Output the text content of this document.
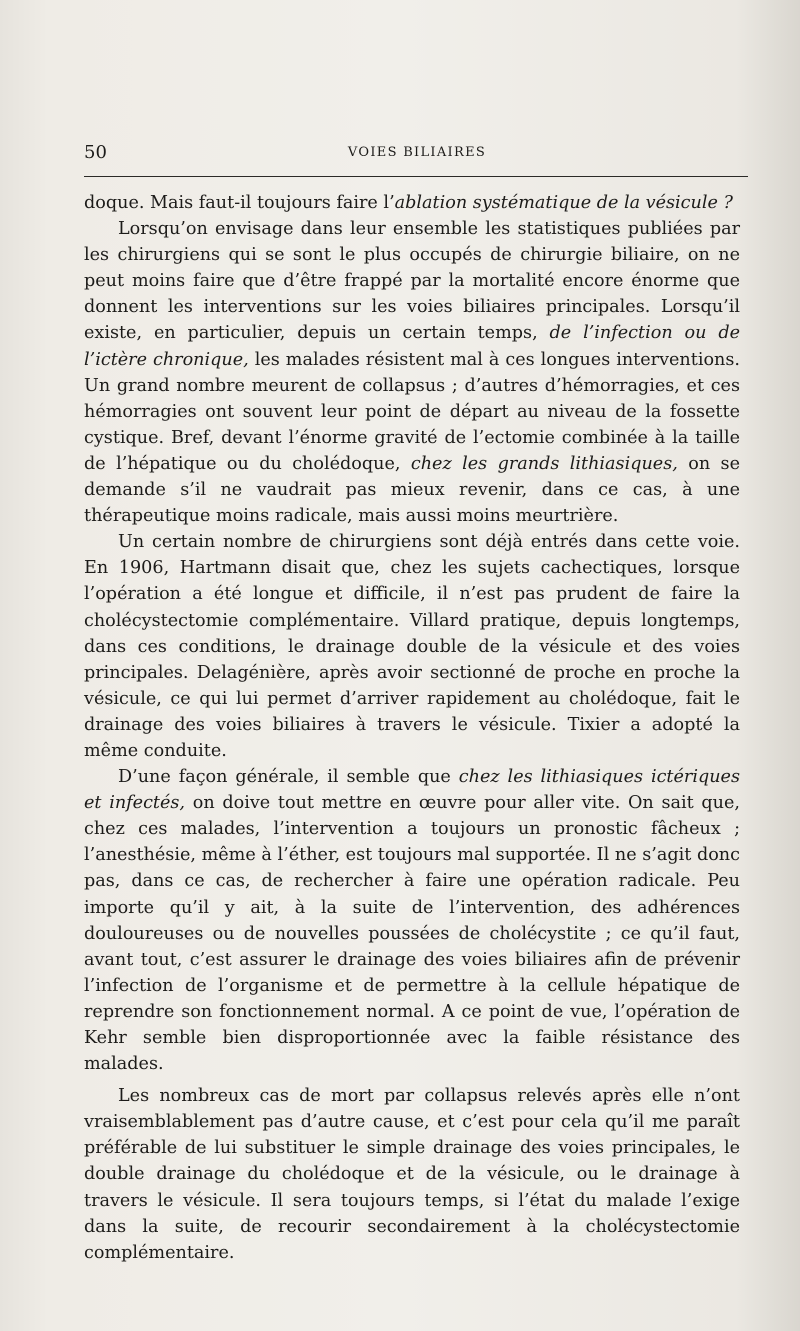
50	VOIES BILIAIRES

doque. Mais faut-il toujours faire l’ablation systématique de la vésicule ?

Lorsqu’on envisage dans leur ensemble les statistiques publiées par les chirurgiens qui se sont le plus occupés de chirurgie biliaire, on ne peut moins faire que d’être frappé par la mortalité encore énorme que donnent les interventions sur les voies biliaires principales. Lorsqu’il existe, en particulier, depuis un certain temps, de l’infection ou de l’ictère chronique, les malades résistent mal à ces longues interventions. Un grand nombre meurent de collapsus ; d’autres d’hémorragies, et ces hémorragies ont souvent leur point de départ au niveau de la fossette cystique. Bref, devant l’énorme gravité de l’ectomie combinée à la taille de l’hépatique ou du cholédoque, chez les grands lithiasiques, on se demande s’il ne vaudrait pas mieux revenir, dans ce cas, à une thérapeutique moins radicale, mais aussi moins meurtrière.

Un certain nombre de chirurgiens sont déjà entrés dans cette voie. En 1906, Hartmann disait que, chez les sujets cachectiques, lorsque l’opération a été longue et difficile, il n’est pas prudent de faire la cholécystectomie complémentaire. Villard pratique, depuis longtemps, dans ces conditions, le drainage double de la vésicule et des voies principales. Delagénière, après avoir sectionné de proche en proche la vésicule, ce qui lui permet d’arriver rapidement au cholédoque, fait le drainage des voies biliaires à travers le vésicule. Tixier a adopté la même conduite.

D’une façon générale, il semble que chez les lithiasiques ictériques et infectés, on doive tout mettre en œuvre pour aller vite. On sait que, chez ces malades, l’intervention a toujours un pronostic fâcheux ; l’anesthésie, même à l’éther, est toujours mal supportée. Il ne s’agit donc pas, dans ce cas, de rechercher à faire une opération radicale. Peu importe qu’il y ait, à la suite de l’intervention, des adhérences douloureuses ou de nouvelles poussées de cholécystite ; ce qu’il faut, avant tout, c’est assurer le drainage des voies biliaires afin de prévenir l’infection de l’organisme et de permettre à la cellule hépatique de reprendre son fonctionnement normal. A ce point de vue, l’opération de Kehr semble bien disproportionnée avec la faible résistance des malades.

Les nombreux cas de mort par collapsus relevés après elle n’ont vraisemblablement pas d’autre cause, et c’est pour cela qu’il me paraît préférable de lui substituer le simple drainage des voies principales, le double drainage du cholédoque et de la vésicule, ou le drainage à travers le vésicule. Il sera toujours temps, si l’état du malade l’exige dans la suite, de recourir secondairement à la cholécystectomie complémentaire.
